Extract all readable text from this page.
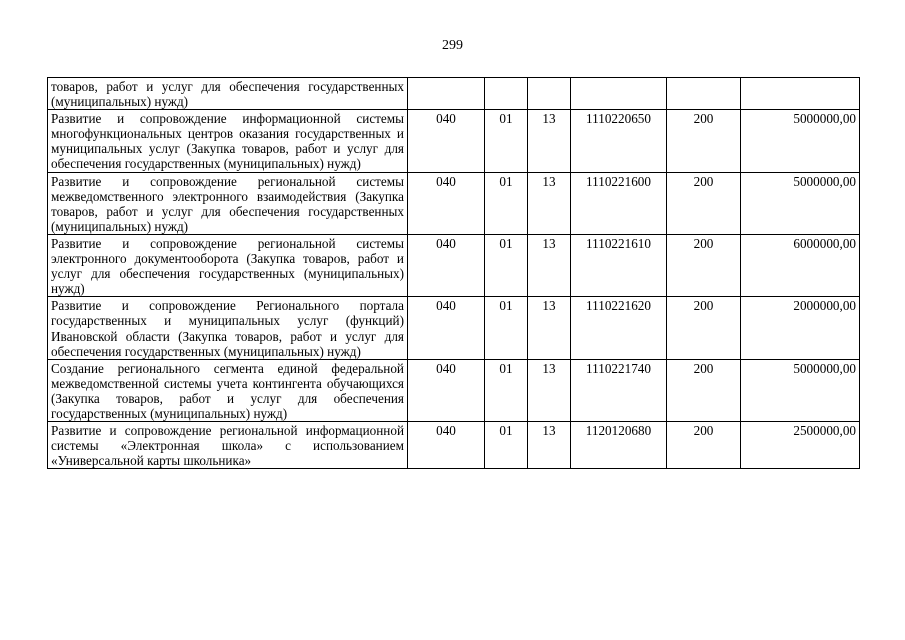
299
товаров, работ и услуг для обеспечения государственных (муниципальных) нужд)						
Развитие и сопровождение информационной системы многофункциональных центров оказания государственных и муниципальных услуг (Закупка товаров, работ и услуг для обеспечения государственных (муниципальных) нужд)	040	01	13	1110220650	200	5000000,00
Развитие и сопровождение региональной системы межведомственного электронного взаимодействия (Закупка товаров, работ и услуг для обеспечения государственных (муниципальных) нужд)	040	01	13	1110221600	200	5000000,00
Развитие и сопровождение региональной системы электронного документооборота (Закупка товаров, работ и услуг для обеспечения государственных (муниципальных) нужд)	040	01	13	1110221610	200	6000000,00
Развитие и сопровождение Регионального портала государственных и муниципальных услуг (функций) Ивановской области (Закупка товаров, работ и услуг для обеспечения государственных (муниципальных) нужд)	040	01	13	1110221620	200	2000000,00
Создание регионального сегмента единой федеральной межведомственной системы учета контингента обучающихся (Закупка товаров, работ и услуг для обеспечения государственных (муниципальных) нужд)	040	01	13	1110221740	200	5000000,00
Развитие и сопровождение региональной информационной системы «Электронная школа» с использованием «Универсальной карты школьника»	040	01	13	1120120680	200	2500000,00
